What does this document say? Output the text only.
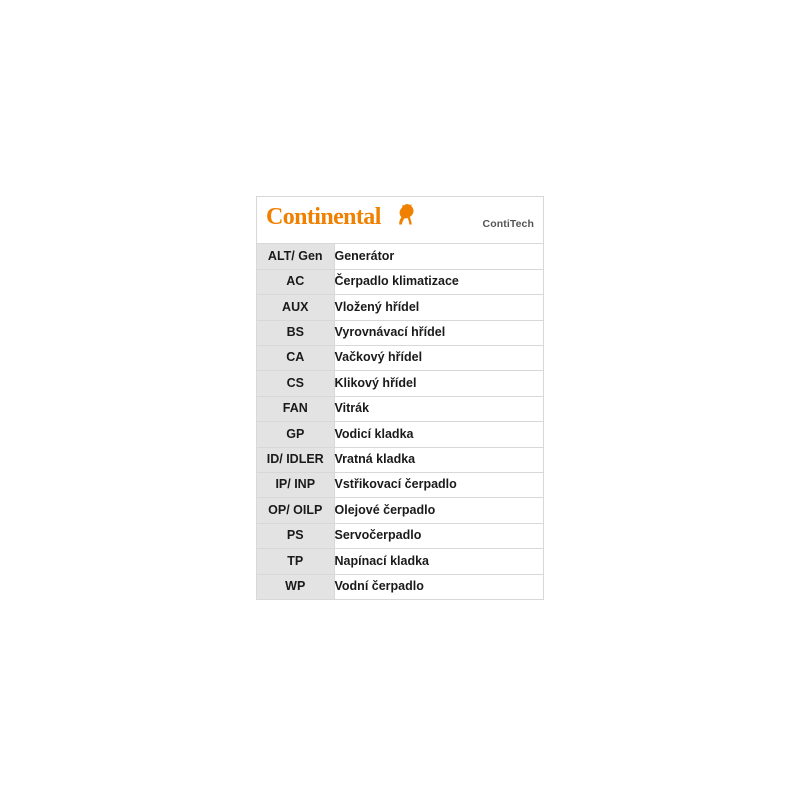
Continental	ContiTech
ALT/ Gen	Generátor
AC	Čerpadlo klimatizace
AUX	Vložený hřídel
BS	Vyrovnávací hřídel
CA	Vačkový hřídel
CS	Klikový hřídel
FAN	Vitrák
GP	Vodicí kladka
ID/ IDLER	Vratná kladka
IP/ INP	Vstřikovací čerpadlo
OP/ OILP	Olejové čerpadlo
PS	Servočerpadlo
TP	Napínací kladka
WP	Vodní čerpadlo
